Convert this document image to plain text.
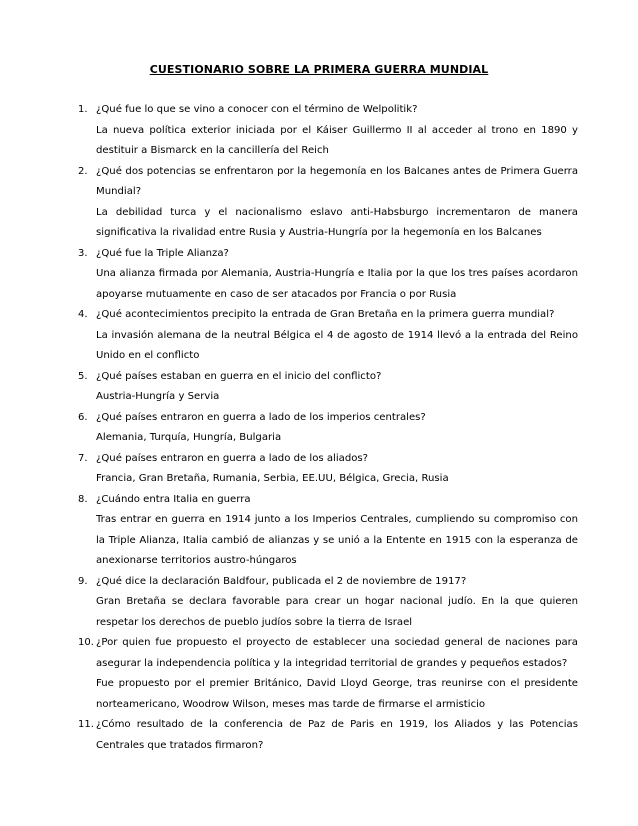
CUESTIONARIO SOBRE LA PRIMERA GUERRA MUNDIAL
1. ¿Qué fue lo que se vino a conocer con el término de Welpolitik?

La nueva política exterior iniciada por el Káiser Guillermo II al acceder al trono en 1890 y destituir a Bismarck en la cancillería del Reich

2. ¿Qué dos potencias se enfrentaron por la hegemonía en los Balcanes antes de Primera Guerra Mundial?

La debilidad turca y el nacionalismo eslavo anti-Habsburgo incrementaron de manera significativa la rivalidad entre Rusia y Austria-Hungría por la hegemonía en los Balcanes

3. ¿Qué fue la Triple Alianza?

Una alianza firmada por Alemania, Austria-Hungría e Italia por la que los tres países acordaron apoyarse mutuamente en caso de ser atacados por Francia o por Rusia

4. ¿Qué acontecimientos precipito la entrada de Gran Bretaña en la primera guerra mundial?

La invasión alemana de la neutral Bélgica el 4 de agosto de 1914 llevó a la entrada del Reino Unido en el conflicto

5. ¿Qué países estaban en guerra en el inicio del conflicto?

Austria-Hungría y Servia

6. ¿Qué países entraron en guerra a lado de los imperios centrales?

Alemania, Turquía, Hungría, Bulgaria

7. ¿Qué países entraron en guerra a lado de los aliados?

Francia, Gran Bretaña, Rumania, Serbia, EE.UU, Bélgica, Grecia, Rusia

8. ¿Cuándo entra Italia en guerra

Tras entrar en guerra en 1914 junto a los Imperios Centrales, cumpliendo su compromiso con la Triple Alianza, Italia cambió de alianzas y se unió a la Entente en 1915 con la esperanza de anexionarse territorios austro-húngaros

9. ¿Qué dice la declaración Baldfour, publicada el 2 de noviembre de 1917?

Gran Bretaña se declara favorable para crear un hogar nacional judío. En la que quieren respetar los derechos de pueblo judíos sobre la tierra de Israel

10. ¿Por quien fue propuesto el proyecto de establecer una sociedad general de naciones para asegurar la independencia política y la integridad territorial de grandes y pequeños estados?

Fue propuesto por el premier Británico, David Lloyd George, tras reunirse con el presidente norteamericano, Woodrow Wilson, meses mas tarde de firmarse el armisticio

11. ¿Cómo resultado de la conferencia de Paz de Paris en 1919, los Aliados y las Potencias Centrales que tratados firmaron?
